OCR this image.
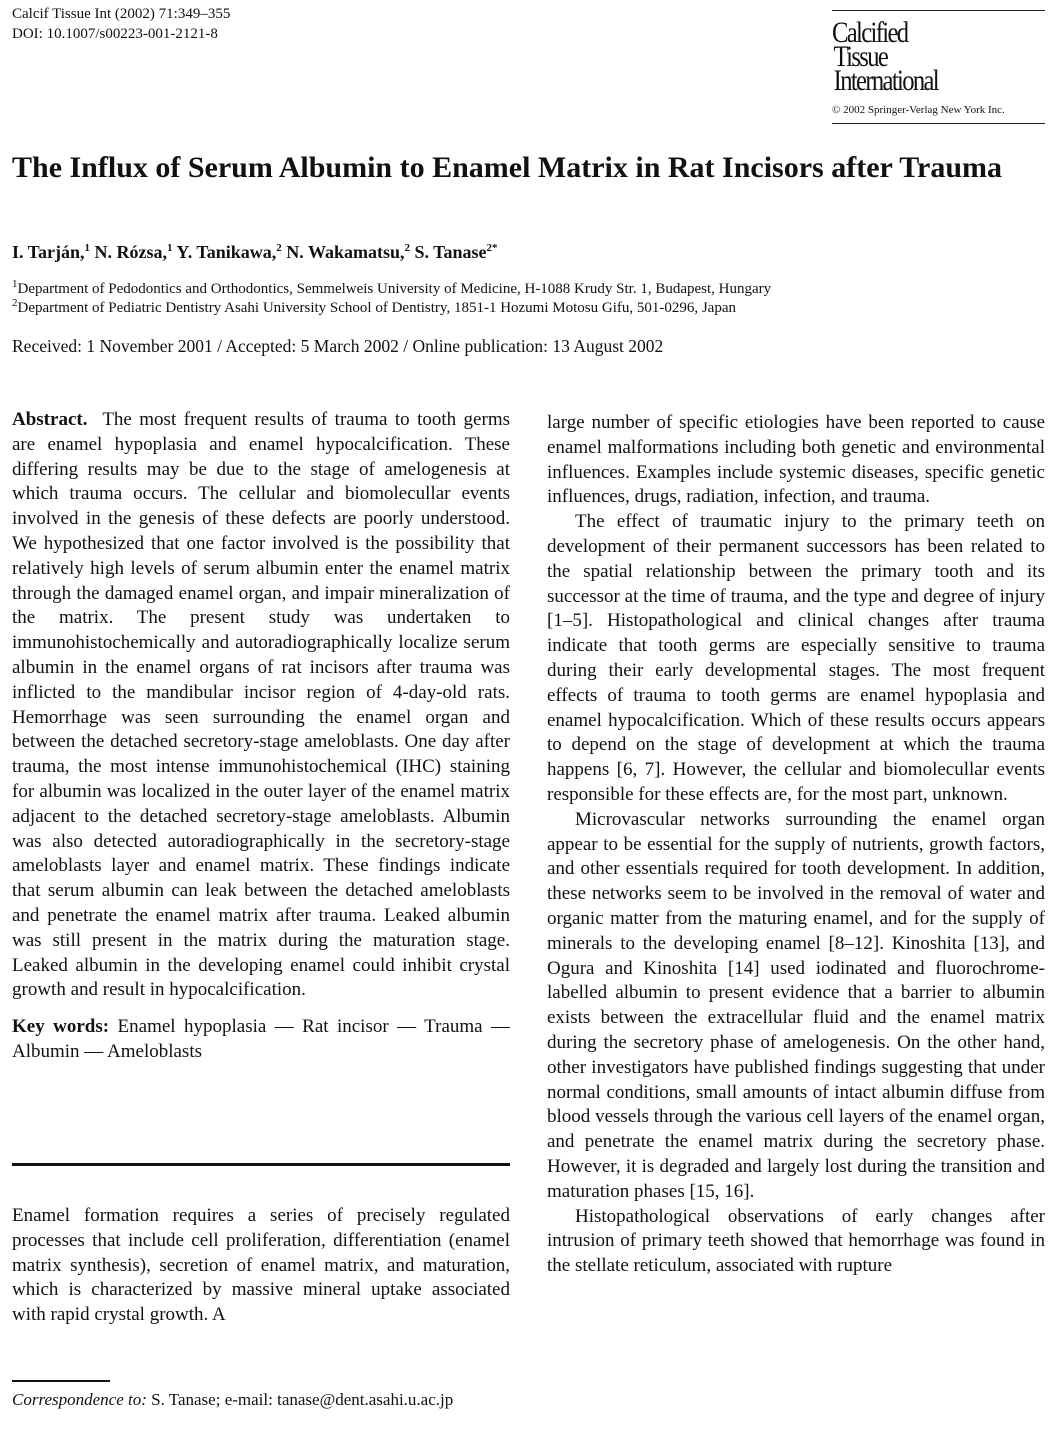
Calcif Tissue Int (2002) 71:349–355
DOI: 10.1007/s00223-001-2121-8	Calcified
Tissue
International
© 2002 Springer-Verlag New York Inc.
The Influx of Serum Albumin to Enamel Matrix in Rat Incisors after Trauma
I. Tarján,$^1$ N. Rózsa,$^1$ Y. Tanikawa,$^2$ N. Wakamatsu,$^2$ S. Tanase$^{2*}$
$^1$Department of Pedodontics and Orthodontics, Semmelweis University of Medicine, H-1088 Krudy Str. 1, Budapest, Hungary
$^2$Department of Pediatric Dentistry Asahi University School of Dentistry, 1851-1 Hozumi Motosu Gifu, 501-0296, Japan
Received: 1 November 2001 / Accepted: 5 March 2002 / Online publication: 13 August 2002

Abstract. The most frequent results of trauma to tooth germs are enamel hypoplasia and enamel hypocalcification. These differing results may be due to the stage of amelogenesis at which trauma occurs. The cellular and biomolecullar events involved in the genesis of these defects are poorly understood. We hypothesized that one factor involved is the possibility that relatively high levels of serum albumin enter the enamel matrix through the damaged enamel organ, and impair mineralization of the matrix. The present study was undertaken to immunohistochemically and autoradiographically localize serum albumin in the enamel organs of rat incisors after trauma was inflicted to the mandibular incisor region of 4-day-old rats. Hemorrhage was seen surrounding the enamel organ and between the detached secretory-stage ameloblasts. One day after trauma, the most intense immunohistochemical (IHC) staining for albumin was localized in the outer layer of the enamel matrix adjacent to the detached secretory-stage ameloblasts. Albumin was also detected autoradiographically in the secretory-stage ameloblasts layer and enamel matrix. These findings indicate that serum albumin can leak between the detached ameloblasts and penetrate the enamel matrix after trauma. Leaked albumin was still present in the matrix during the maturation stage. Leaked albumin in the developing enamel could inhibit crystal growth and result in hypocalcification.

Key words: Enamel hypoplasia — Rat incisor — Trauma — Albumin — Ameloblasts

Enamel formation requires a series of precisely regulated processes that include cell proliferation, differentiation (enamel matrix synthesis), secretion of enamel matrix, and maturation, which is characterized by massive mineral uptake associated with rapid crystal growth. A

Correspondence to: S. Tanase; e-mail: tanase@dent.asahi.u.ac.jp

large number of specific etiologies have been reported to cause enamel malformations including both genetic and environmental influences. Examples include systemic diseases, specific genetic influences, drugs, radiation, infection, and trauma.

The effect of traumatic injury to the primary teeth on development of their permanent successors has been related to the spatial relationship between the primary tooth and its successor at the time of trauma, and the type and degree of injury [1–5]. Histopathological and clinical changes after trauma indicate that tooth germs are especially sensitive to trauma during their early developmental stages. The most frequent effects of trauma to tooth germs are enamel hypoplasia and enamel hypocalcification. Which of these results occurs appears to depend on the stage of development at which the trauma happens [6, 7]. However, the cellular and biomolecullar events responsible for these effects are, for the most part, unknown.

Microvascular networks surrounding the enamel organ appear to be essential for the supply of nutrients, growth factors, and other essentials required for tooth development. In addition, these networks seem to be involved in the removal of water and organic matter from the maturing enamel, and for the supply of minerals to the developing enamel [8–12]. Kinoshita [13], and Ogura and Kinoshita [14] used iodinated and fluorochrome-labelled albumin to present evidence that a barrier to albumin exists between the extracellular fluid and the enamel matrix during the secretory phase of amelogenesis. On the other hand, other investigators have published findings suggesting that under normal conditions, small amounts of intact albumin diffuse from blood vessels through the various cell layers of the enamel organ, and penetrate the enamel matrix during the secretory phase. However, it is degraded and largely lost during the transition and maturation phases [15, 16].

Histopathological observations of early changes after intrusion of primary teeth showed that hemorrhage was found in the stellate reticulum, associated with rupture
